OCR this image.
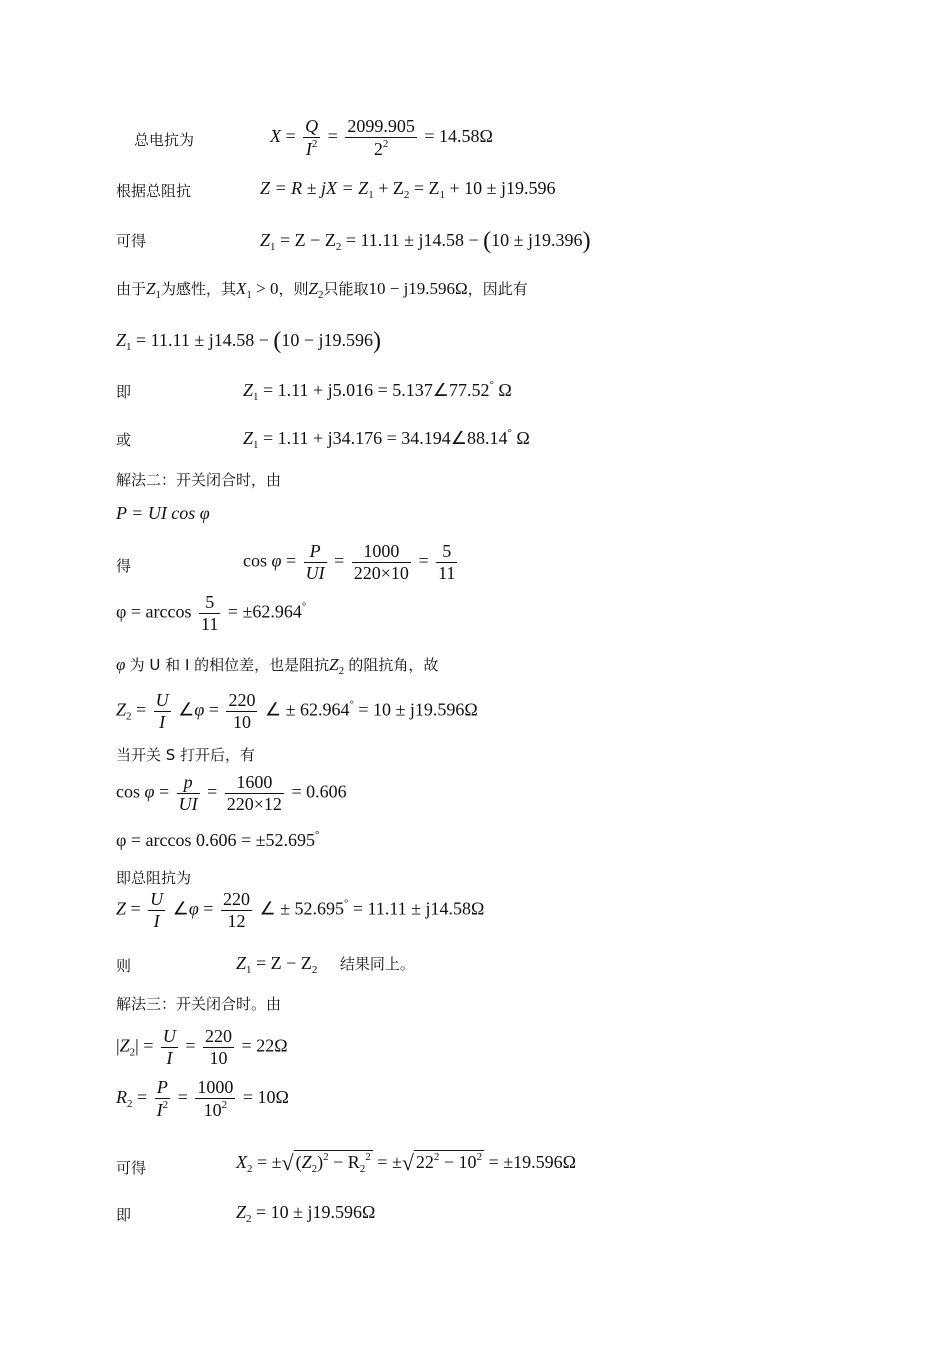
总电抗为	$X = \frac{Q}{I^2} = \frac{2099.905}{2^2} = 14.58\Omega$
根据总阻抗	Z = R ± jX = $Z_1 + Z_2 = Z_1 + 10 \pm j19.596$
可得	$Z_1 = Z - Z_2 = 11.11 \pm j14.58 - (10 \pm j19.396)$
由于$Z_1$为感性，其$X_1 > 0$，则$Z_2$只能取10 − j19.596Ω，因此有
$Z_1 = 11.11 \pm j14.58 - (10 - j19.596)$
即	$Z_1 = 1.11 + j5.016$ = 5.137∠77.52° Ω
或	$Z_1 = 1.11 + j34.176$ = 34.194∠88.14° Ω
解法二：开关闭合时，由
P = UI cos φ
得	$\cos \varphi = \frac{P}{UI} = \frac{1000}{220\times 10} = \frac{5}{11}$
$\varphi = \arccos \frac{5}{11} = \pm 62.964^\circ$
φ 为 U 和 I 的相位差，也是阻抗$Z_2$ 的阻抗角，故
$Z_2 = \frac{U}{I}$ ∠φ = $\frac{220}{10}$ ∠ ± 62.964° = 10 ± j19.596Ω
当开关 S 打开后，有
$\cos \varphi = \frac{p}{UI} = \frac{1600}{220\times 12} = 0.606$
φ = arccos 0.606 = ±52.695°
即总阻抗为
$Z = \frac{U}{I}$ ∠φ = $\frac{220}{12}$ ∠ ± 52.695° = 11.11 ± j14.58Ω
则	$Z_1 = Z - Z_2$ 结果同上。
解法三：开关闭合时。由
$|Z_2| = \frac{U}{I} = \frac{220}{10} = 22\Omega$
$R_2 = \frac{P}{I^2} = \frac{1000}{10^2} = 10\Omega$
可得	$X_2$ = ±√ $(Z_2)^2 - R_2^2$ = ±√ $22^2 - 10^2 = \pm 19.596\Omega$
即	$Z_2 = 10 \pm j19.596\Omega$
